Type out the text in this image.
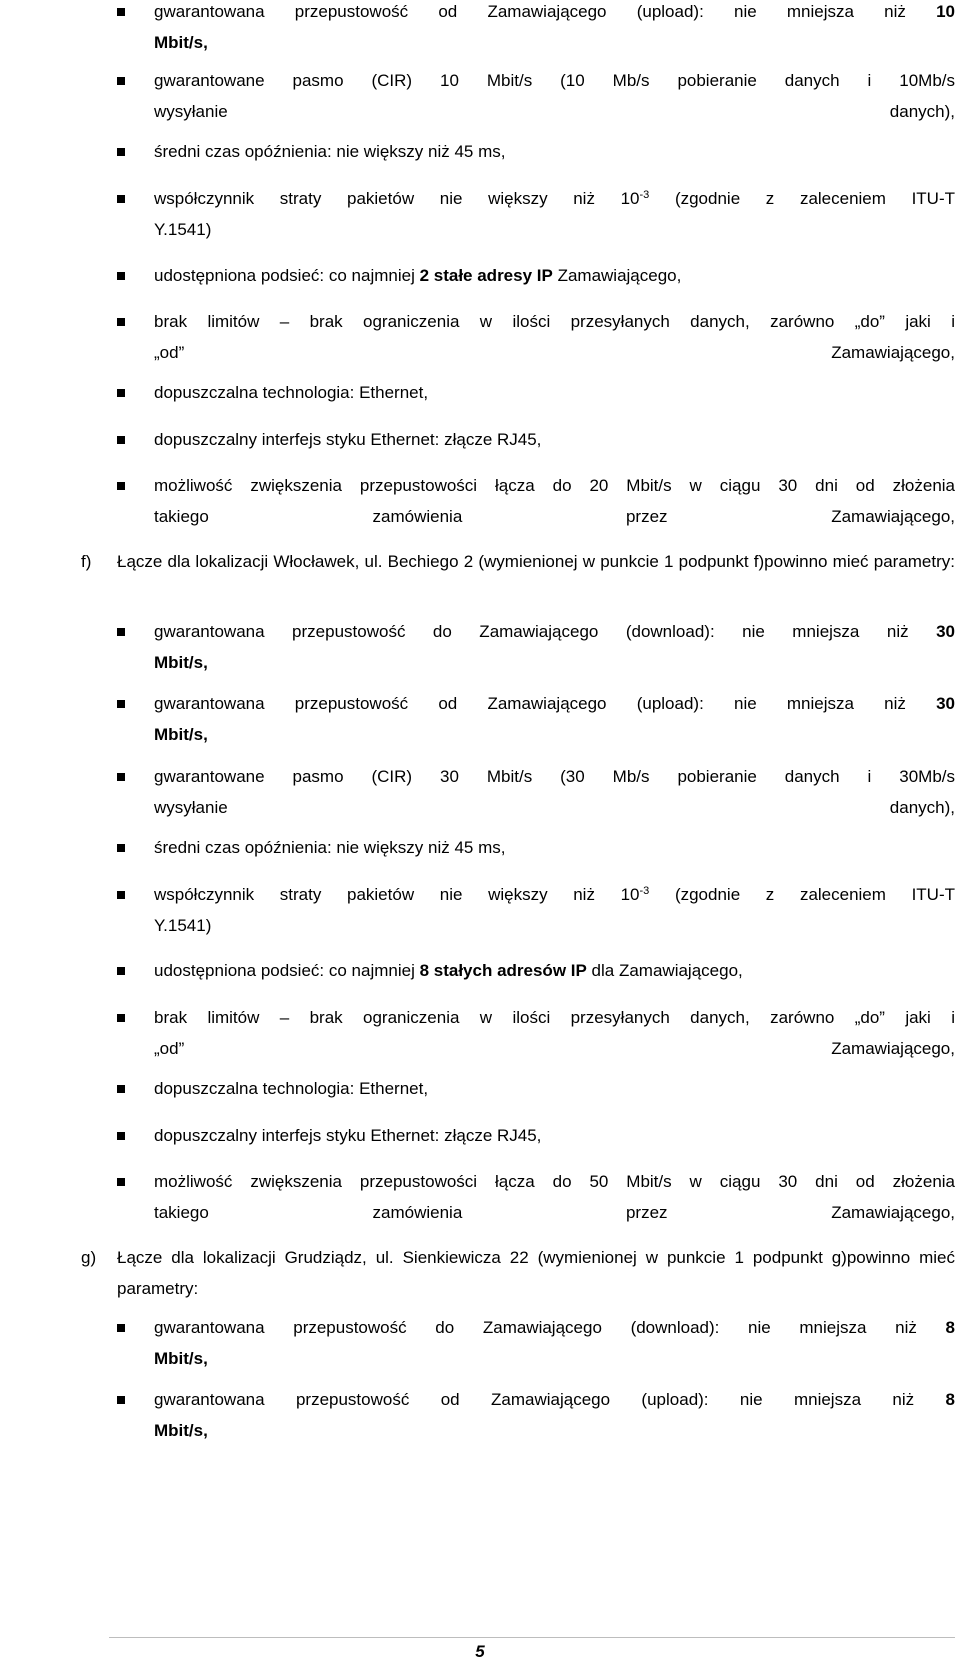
gwarantowana przepustowość od Zamawiającego (upload): nie mniejsza niż 10
Mbit/s,
gwarantowane pasmo (CIR) 10 Mbit/s (10 Mb/s pobieranie danych i 10Mb/s
wysyłanie danych),
średni czas opóźnienia: nie większy niż 45 ms,
współczynnik straty pakietów nie większy niż $10^{-3}$ (zgodnie z zaleceniem ITU-T
Y.1541)
udostępniona podsieć: co najmniej 2 stałe adresy IP Zamawiającego,
brak limitów – brak ograniczenia w ilości przesyłanych danych, zarówno „do” jaki i
„od” Zamawiającego,
dopuszczalna technologia: Ethernet,
dopuszczalny interfejs styku Ethernet: złącze RJ45,
możliwość zwiększenia przepustowości łącza do 20 Mbit/s w ciągu 30 dni od złożenia
takiego zamówienia przez Zamawiającego,
f) Łącze dla lokalizacji Włocławek, ul. Bechiego 2 (wymienionej w punkcie 1 podpunkt f)powinno mieć parametry:
gwarantowana przepustowość do Zamawiającego (download): nie mniejsza niż 30
Mbit/s,
gwarantowana przepustowość od Zamawiającego (upload): nie mniejsza niż 30
Mbit/s,
gwarantowane pasmo (CIR) 30 Mbit/s (30 Mb/s pobieranie danych i 30Mb/s
wysyłanie danych),
średni czas opóźnienia: nie większy niż 45 ms,
współczynnik straty pakietów nie większy niż $10^{-3}$ (zgodnie z zaleceniem ITU-T
Y.1541)
udostępniona podsieć: co najmniej 8 stałych adresów IP dla Zamawiającego,
brak limitów – brak ograniczenia w ilości przesyłanych danych, zarówno „do” jaki i
„od” Zamawiającego,
dopuszczalna technologia: Ethernet,
dopuszczalny interfejs styku Ethernet: złącze RJ45,
możliwość zwiększenia przepustowości łącza do 50 Mbit/s w ciągu 30 dni od złożenia
takiego zamówienia przez Zamawiającego,
g) Łącze dla lokalizacji Grudziądz, ul. Sienkiewicza 22 (wymienionej w punkcie 1 podpunkt g)powinno mieć parametry:
gwarantowana przepustowość do Zamawiającego (download): nie mniejsza niż 8
Mbit/s,
gwarantowana przepustowość od Zamawiającego (upload): nie mniejsza niż 8
Mbit/s,
5
